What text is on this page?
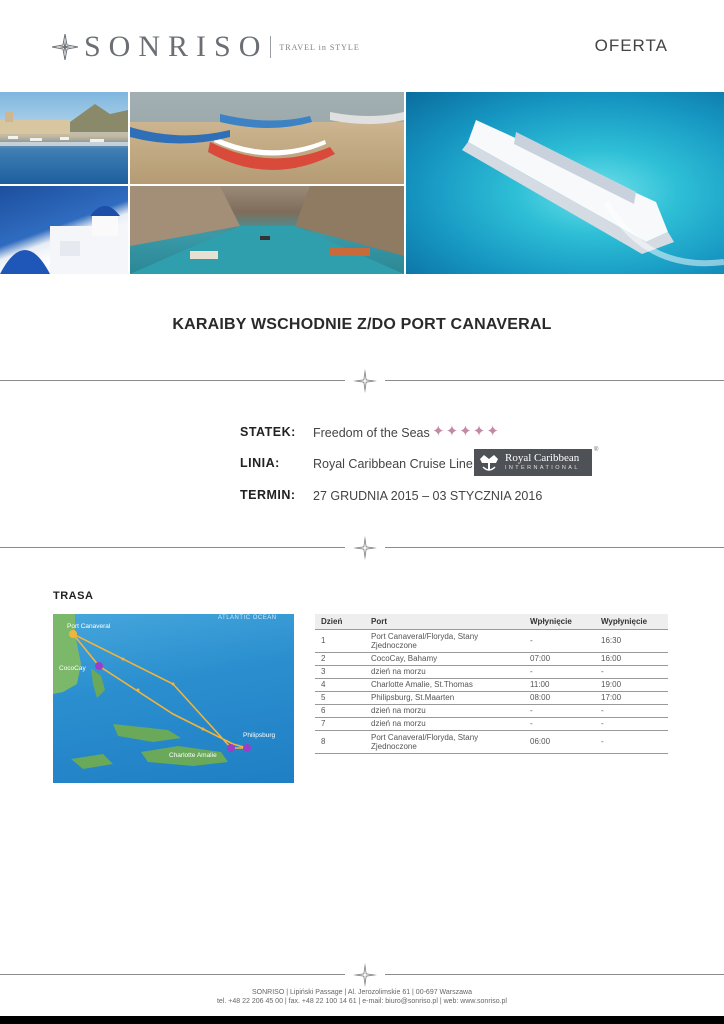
SONRISO TRAVEL in STYLE	OFERTA
KARAIBY WSCHODNIE Z/DO PORT CANAVERAL
STATEK: Freedom of the Seas ✦ ✦ ✦ ✦ ✦
LINIA:	Royal Caribbean Cruise Line	Royal Caribbean
INTERNATIONAL
®
TERMIN: 27 GRUDNIA 2015 – 03 STYCZNIA 2016
TRASA
ATLANTIC OCEAN
Port Canaveral
CocoCay
Philipsburg
Charlotte Amalie
Dzień	Port	Wpłynięcie	Wypłynięcie
1	Port Canaveral/Floryda, Stany Zjednoczone	-	16:30
2	CocoCay, Bahamy	07:00	16:00
3	dzień na morzu	-	-
4	Charlotte Amalie, St.Thomas	11:00	19:00
5	Philipsburg, St.Maarten	08:00	17:00
6	dzień na morzu	-	-
7	dzień na morzu	-	-
8	Port Canaveral/Floryda, Stany Zjednoczone	06:00	-
SONRISO | Lipiński Passage | Al. Jerozolimskie 61 | 00-697 Warszawa
tel. +48 22 206 45 00 | fax. +48 22 100 14 61 | e-mail: biuro@sonriso.pl | web: www.sonriso.pl
